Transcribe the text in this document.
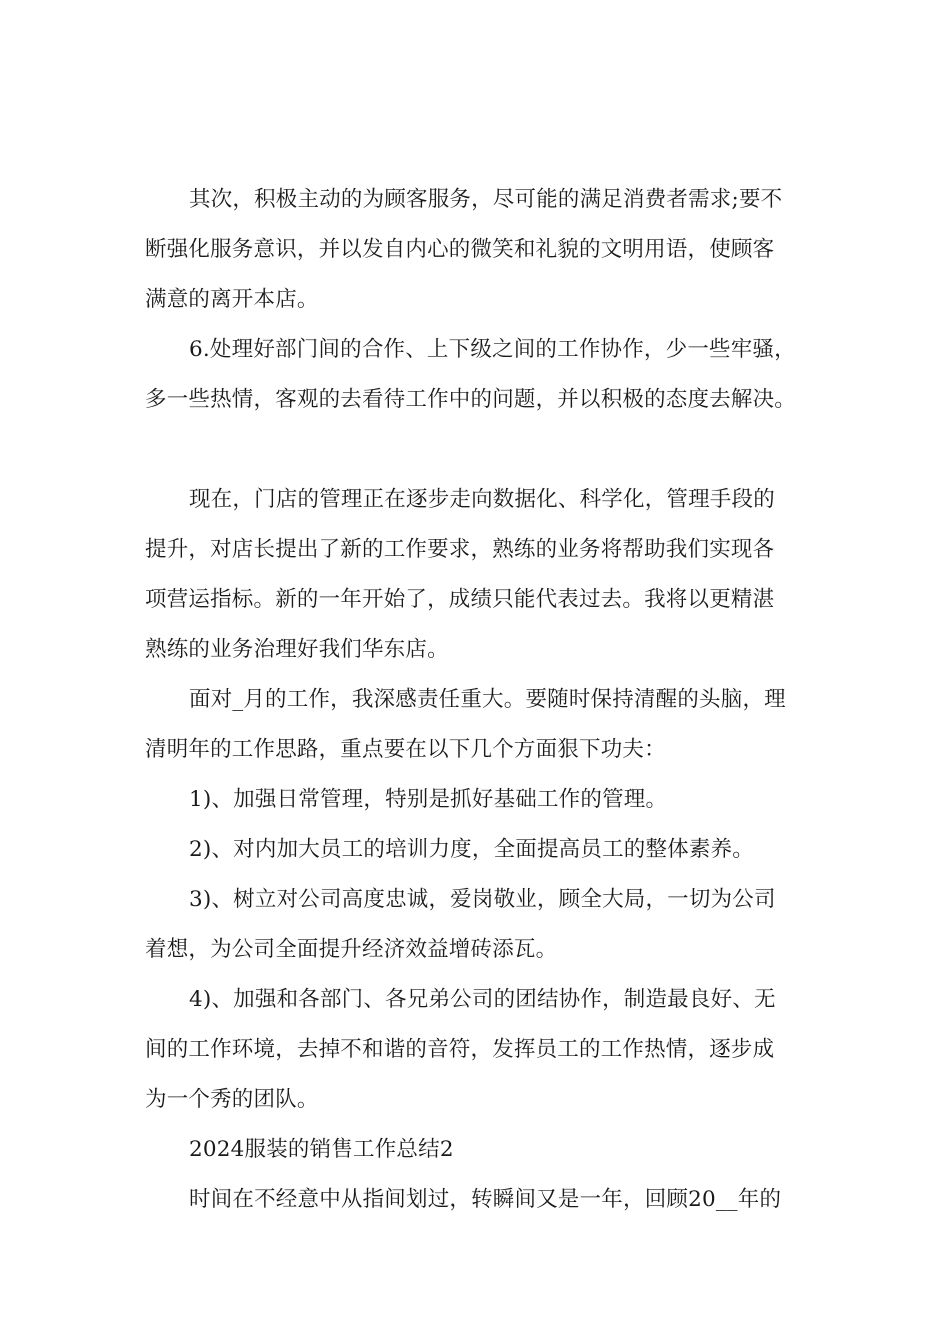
其次，积极主动的为顾客服务，尽可能的满足消费者需求;要不
断强化服务意识，并以发自内心的微笑和礼貌的文明用语，使顾客
满意的离开本店。

6.处理好部门间的合作、上下级之间的工作协作，少一些牢骚，
多一些热情，客观的去看待工作中的问题，并以积极的态度去解决。

现在，门店的管理正在逐步走向数据化、科学化，管理手段的
提升，对店长提出了新的工作要求，熟练的业务将帮助我们实现各
项营运指标。新的一年开始了，成绩只能代表过去。我将以更精湛
熟练的业务治理好我们华东店。

面对_月的工作，我深感责任重大。要随时保持清醒的头脑，理
清明年的工作思路，重点要在以下几个方面狠下功夫：

1)、加强日常管理，特别是抓好基础工作的管理。

2)、对内加大员工的培训力度，全面提高员工的整体素养。

3)、树立对公司高度忠诚，爱岗敬业，顾全大局，一切为公司
着想，为公司全面提升经济效益增砖添瓦。

4)、加强和各部门、各兄弟公司的团结协作，制造最良好、无
间的工作环境，去掉不和谐的音符，发挥员工的工作热情，逐步成
为一个秀的团队。

2024服装的销售工作总结2

时间在不经意中从指间划过，转瞬间又是一年，回顾20__年的
